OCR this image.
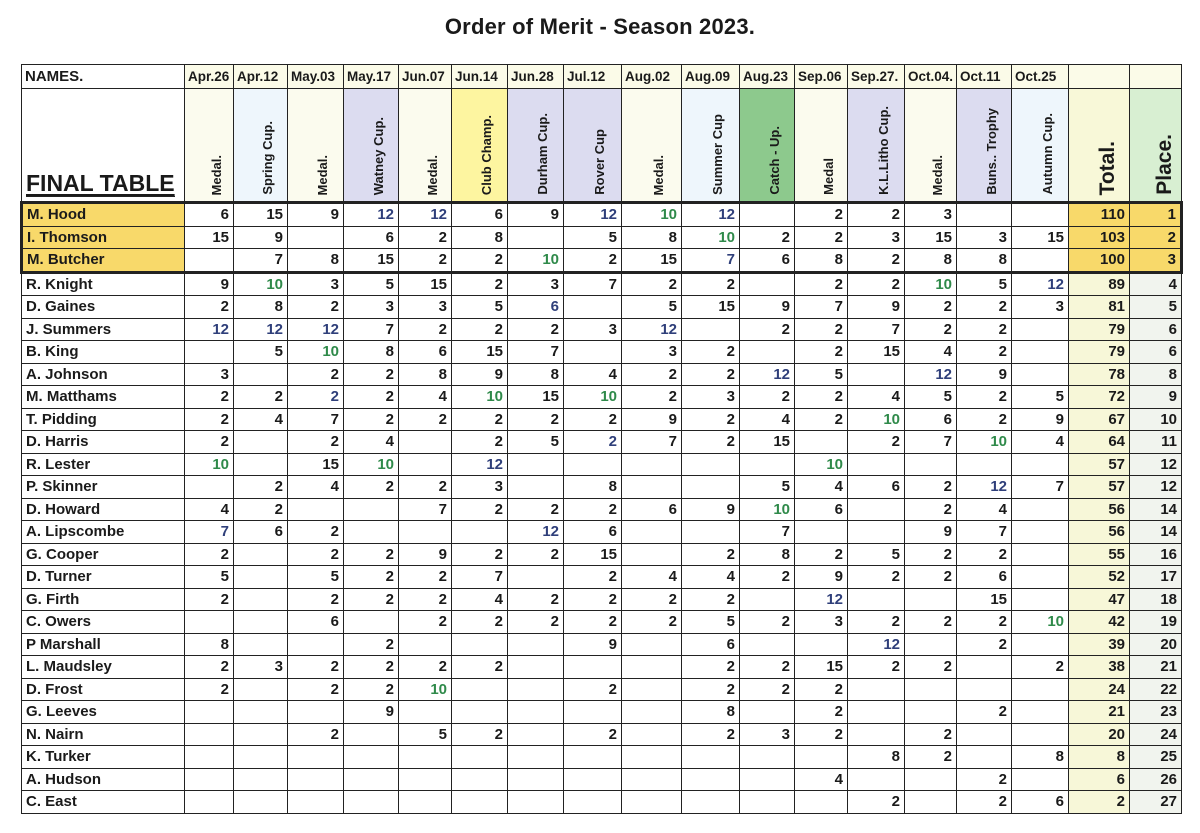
Order of Merit - Season 2023.
NAMES.	Apr.26	Apr.12	May.03	May.17	Jun.07	Jun.14	Jun.28	Jul.12	Aug.02	Aug.09	Aug.23	Sep.06	Sep.27.	Oct.04.	Oct.11	Oct.25		
FINAL TABLE	Medal.	Spring Cup.	Medal.	Watney Cup.	Medal.	Club Champ.	Durham Cup.	Rover Cup	Medal.	Summer Cup	Catch - Up.	Medal	K.L.Litho Cup.	Medal.	Buns.. Trophy	Autumn Cup.	Total.	Place.
M. Hood	6	15	9	12	12	6	9	12	10	12		2	2	3			110	1
I. Thomson	15	9		6	2	8		5	8	10	2	2	3	15	3	15	103	2
M. Butcher		7	8	15	2	2	10	2	15	7	6	8	2	8	8		100	3
R. Knight	9	10	3	5	15	2	3	7	2	2		2	2	10	5	12	89	4
D. Gaines	2	8	2	3	3	5	6		5	15	9	7	9	2	2	3	81	5
J. Summers	12	12	12	7	2	2	2	3	12		2	2	7	2	2		79	6
B. King		5	10	8	6	15	7		3	2		2	15	4	2		79	6
A. Johnson	3		2	2	8	9	8	4	2	2	12	5		12	9		78	8
M. Matthams	2	2	2	2	4	10	15	10	2	3	2	2	4	5	2	5	72	9
T. Pidding	2	4	7	2	2	2	2	2	9	2	4	2	10	6	2	9	67	10
D. Harris	2		2	4		2	5	2	7	2	15		2	7	10	4	64	11
R. Lester	10		15	10		12						10					57	12
P. Skinner		2	4	2	2	3		8			5	4	6	2	12	7	57	12
D. Howard	4	2			7	2	2	2	6	9	10	6		2	4		56	14
A. Lipscombe	7	6	2				12	6			7			9	7		56	14
G. Cooper	2		2	2	9	2	2	15		2	8	2	5	2	2		55	16
D. Turner	5		5	2	2	7		2	4	4	2	9	2	2	6		52	17
G. Firth	2		2	2	2	4	2	2	2	2		12			15		47	18
C. Owers			6		2	2	2	2	2	5	2	3	2	2	2	10	42	19
P Marshall	8			2				9		6			12		2		39	20
L. Maudsley	2	3	2	2	2	2				2	2	15	2	2		2	38	21
D. Frost	2		2	2	10			2		2	2	2					24	22
G. Leeves				9						8		2			2		21	23
N. Nairn			2		5	2		2		2	3	2		2			20	24
K. Turker													8	2		8	8	25
A. Hudson												4			2		6	26
C. East													2		2	6	2	27
